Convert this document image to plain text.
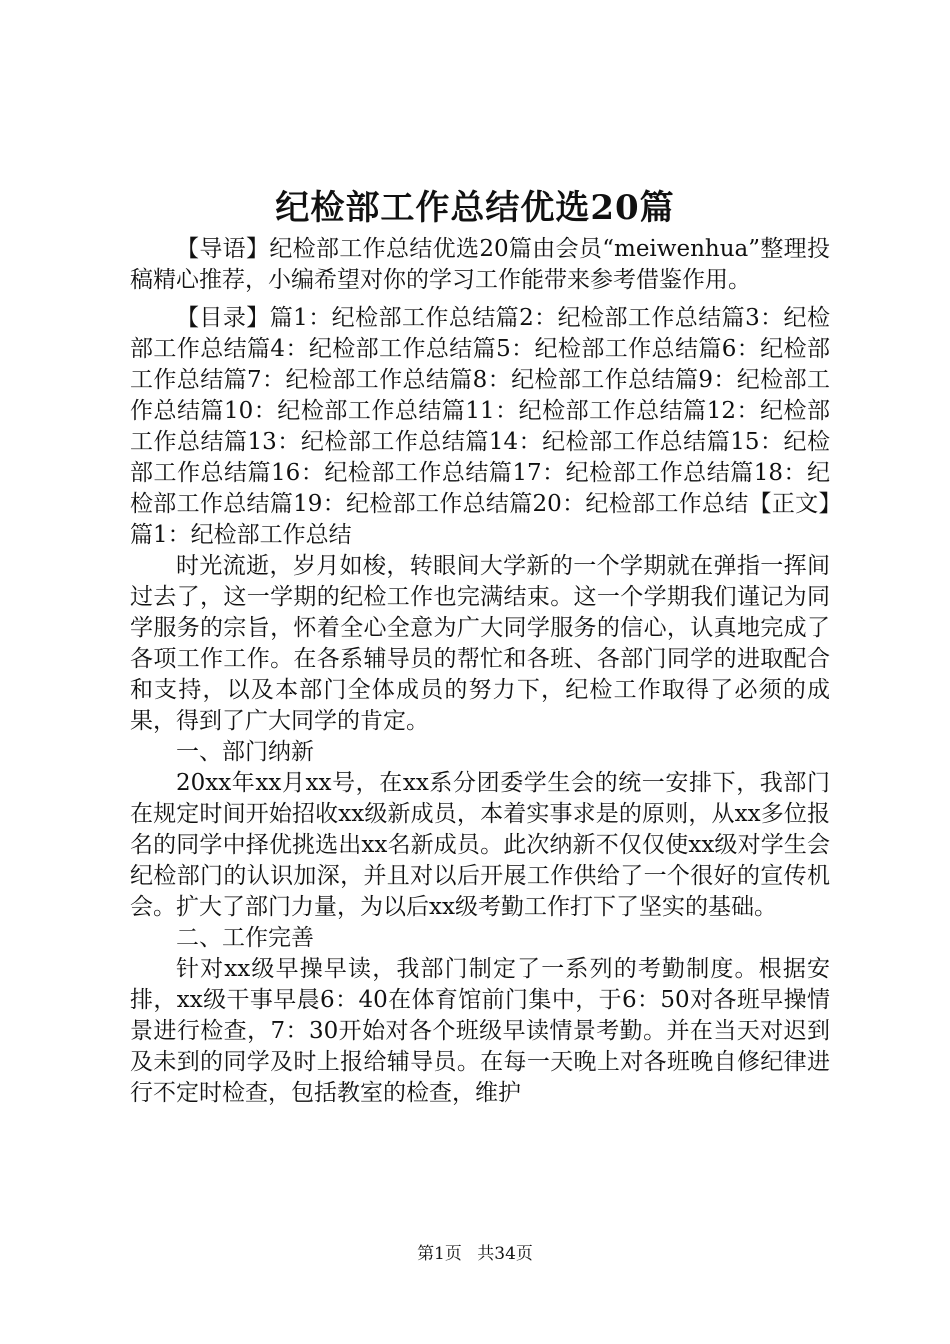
纪检部工作总结优选20篇

【导语】纪检部工作总结优选20篇由会员“meiwenhua”整理投稿精心推荐，小编希望对你的学习工作能带来参考借鉴作用。

【目录】篇1：纪检部工作总结篇2：纪检部工作总结篇3：纪检部工作总结篇4：纪检部工作总结篇5：纪检部工作总结篇6：纪检部工作总结篇7：纪检部工作总结篇8：纪检部工作总结篇9：纪检部工作总结篇10：纪检部工作总结篇11：纪检部工作总结篇12：纪检部工作总结篇13：纪检部工作总结篇14：纪检部工作总结篇15：纪检部工作总结篇16：纪检部工作总结篇17：纪检部工作总结篇18：纪检部工作总结篇19：纪检部工作总结篇20：纪检部工作总结【正文】篇1：纪检部工作总结

时光流逝，岁月如梭，转眼间大学新的一个学期就在弹指一挥间过去了，这一学期的纪检工作也完满结束。这一个学期我们谨记为同学服务的宗旨，怀着全心全意为广大同学服务的信心，认真地完成了各项工作工作。在各系辅导员的帮忙和各班、各部门同学的进取配合和支持，以及本部门全体成员的努力下，纪检工作取得了必须的成果，得到了广大同学的肯定。

一、部门纳新

20xx年xx月xx号，在xx系分团委学生会的统一安排下，我部门在规定时间开始招收xx级新成员，本着实事求是的原则，从xx多位报名的同学中择优挑选出xx名新成员。此次纳新不仅仅使xx级对学生会纪检部门的认识加深，并且对以后开展工作供给了一个很好的宣传机会。扩大了部门力量，为以后xx级考勤工作打下了坚实的基础。

二、工作完善

针对xx级早操早读，我部门制定了一系列的考勤制度。根据安排，xx级干事早晨6：40在体育馆前门集中，于6：50对各班早操情景进行检查，7：30开始对各个班级早读情景考勤。并在当天对迟到及未到的同学及时上报给辅导员。在每一天晚上对各班晚自修纪律进行不定时检查，包括教室的检查，维护

第1页 共34页
